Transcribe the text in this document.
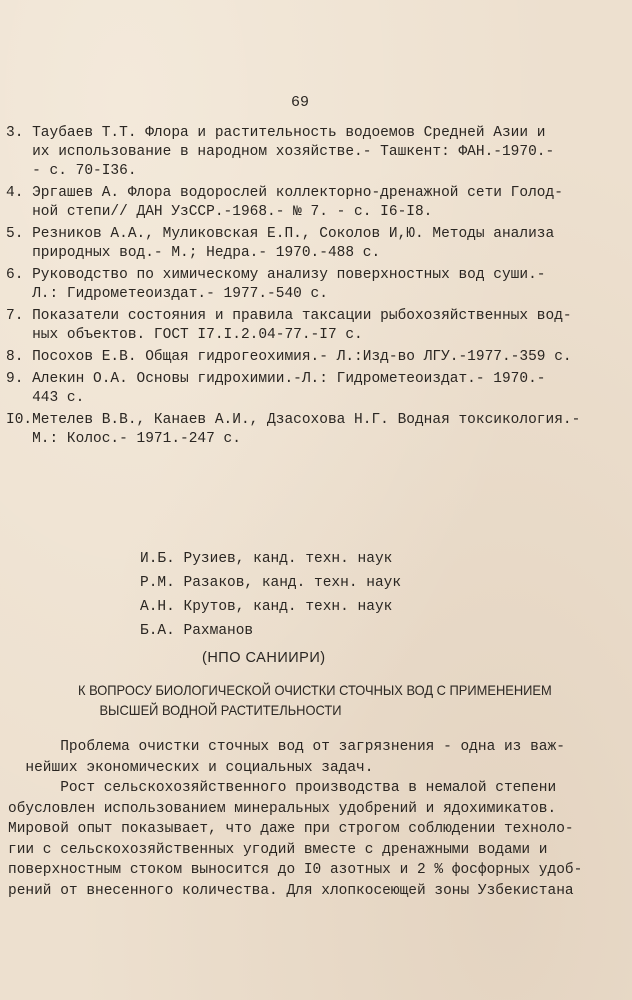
69
3. Таубаев Т.Т. Флора и растительность водоемов Средней Азии и
их использование в народном хозяйстве.- Ташкент: ФАН.-1970.-
- с. 70-I36.
4. Эргашев А. Флора водорослей коллекторно-дренажной сети Голод-
ной степи// ДАН УзССР.-1968.- № 7. - с. I6-I8.
5. Резников А.А., Муликовская Е.П., Соколов И,Ю. Методы анализа
природных вод.- М.; Недра.- 1970.-488 с.
6. Руководство по химическому анализу поверхностных вод суши.-
Л.: Гидрометеоиздат.- 1977.-540 с.
7. Показатели состояния и правила таксации рыбохозяйственных вод-
ных объектов. ГОСТ I7.I.2.04-77.-I7 с.
8. Посохов Е.В. Общая гидрогеохимия.- Л.:Изд-во ЛГУ.-1977.-359 с.
9. Алекин О.А. Основы гидрохимии.-Л.: Гидрометеоиздат.- 1970.-
443 с.
I0. Метелев В.В., Канаев А.И., Дзасохова Н.Г. Водная токсикология.-
М.: Колос.- 1971.-247 с.
И.Б. Рузиев, канд. техн. наук
Р.М. Разаков, канд. техн. наук
А.Н. Крутов, канд. техн. наук
Б.А. Рахманов
(НПО САНИИРИ)
К ВОПРОСУ БИОЛОГИЧЕСКОЙ ОЧИСТКИ СТОЧНЫХ ВОД С ПРИМЕНЕНИЕМ
ВЫСШЕЙ ВОДНОЙ РАСТИТЕЛЬНОСТИ
Проблема очистки сточных вод от загрязнения - одна из важ-
нейших экономических и социальных задач.
Рост сельскохозяйственного производства в немалой степени
обусловлен использованием минеральных удобрений и ядохимикатов.
Мировой опыт показывает, что даже при строгом соблюдении техноло-
гии с сельскохозяйственных угодий вместе с дренажными водами и
поверхностным стоком выносится до I0 азотных и 2 % фосфорных удоб-
рений от внесенного количества. Для хлопкосеющей зоны Узбекистана
